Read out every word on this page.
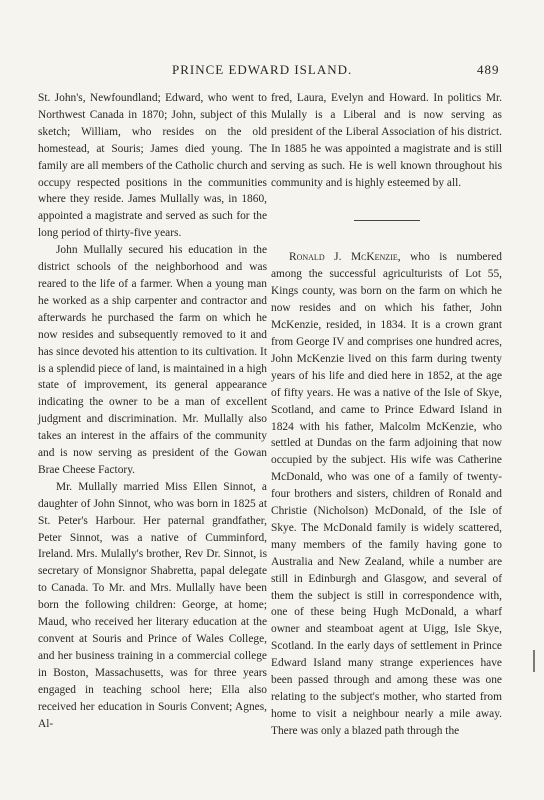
PRINCE EDWARD ISLAND.	489

St. John's, Newfoundland; Edward, who went to Northwest Canada in 1870; John, subject of this sketch; William, who resides on the old homestead, at Souris; James died young. The family are all members of the Catholic church and occupy respected positions in the communities where they reside. James Mullally was, in 1860, appointed a magistrate and served as such for the long period of thirty-five years.

John Mullally secured his education in the district schools of the neighborhood and was reared to the life of a farmer. When a young man he worked as a ship carpenter and contractor and afterwards he purchased the farm on which he now resides and subsequently removed to it and has since devoted his attention to its cultivation. It is a splendid piece of land, is maintained in a high state of improvement, its general appearance indicating the owner to be a man of excellent judgment and discrimination. Mr. Mullally also takes an interest in the affairs of the community and is now serving as president of the Gowan Brae Cheese Factory.

Mr. Mullally married Miss Ellen Sinnot, a daughter of John Sinnot, who was born in 1825 at St. Peter's Harbour. Her paternal grandfather, Peter Sinnot, was a native of Cumminford, Ireland. Mrs. Mulally's brother, Rev Dr. Sinnot, is secretary of Monsignor Shabretta, papal delegate to Canada. To Mr. and Mrs. Mullally have been born the following children: George, at home; Maud, who received her literary education at the convent at Souris and Prince of Wales College, and her business training in a commercial college in Boston, Massachusetts, was for three years engaged in teaching school here; Ella also received her education in Souris Convent; Agnes, Al-

fred, Laura, Evelyn and Howard. In politics Mr. Mulally is a Liberal and is now serving as president of the Liberal Association of his district. In 1885 he was appointed a magistrate and is still serving as such. He is well known throughout his community and is highly esteemed by all.

Ronald J. McKenzie, who is numbered among the successful agriculturists of Lot 55, Kings county, was born on the farm on which he now resides and on which his father, John McKenzie, resided, in 1834. It is a crown grant from George IV and comprises one hundred acres, John McKenzie lived on this farm during twenty years of his life and died here in 1852, at the age of fifty years. He was a native of the Isle of Skye, Scotland, and came to Prince Edward Island in 1824 with his father, Malcolm McKenzie, who settled at Dundas on the farm adjoining that now occupied by the subject. His wife was Catherine McDonald, who was one of a family of twenty-four brothers and sisters, children of Ronald and Christie (Nicholson) McDonald, of the Isle of Skye. The McDonald family is widely scattered, many members of the family having gone to Australia and New Zealand, while a number are still in Edinburgh and Glasgow, and several of them the subject is still in correspondence with, one of these being Hugh McDonald, a wharf owner and steamboat agent at Uigg, Isle Skye, Scotland. In the early days of settlement in Prince Edward Island many strange experiences have been passed through and among these was one relating to the subject's mother, who started from home to visit a neighbour nearly a mile away. There was only a blazed path through the
